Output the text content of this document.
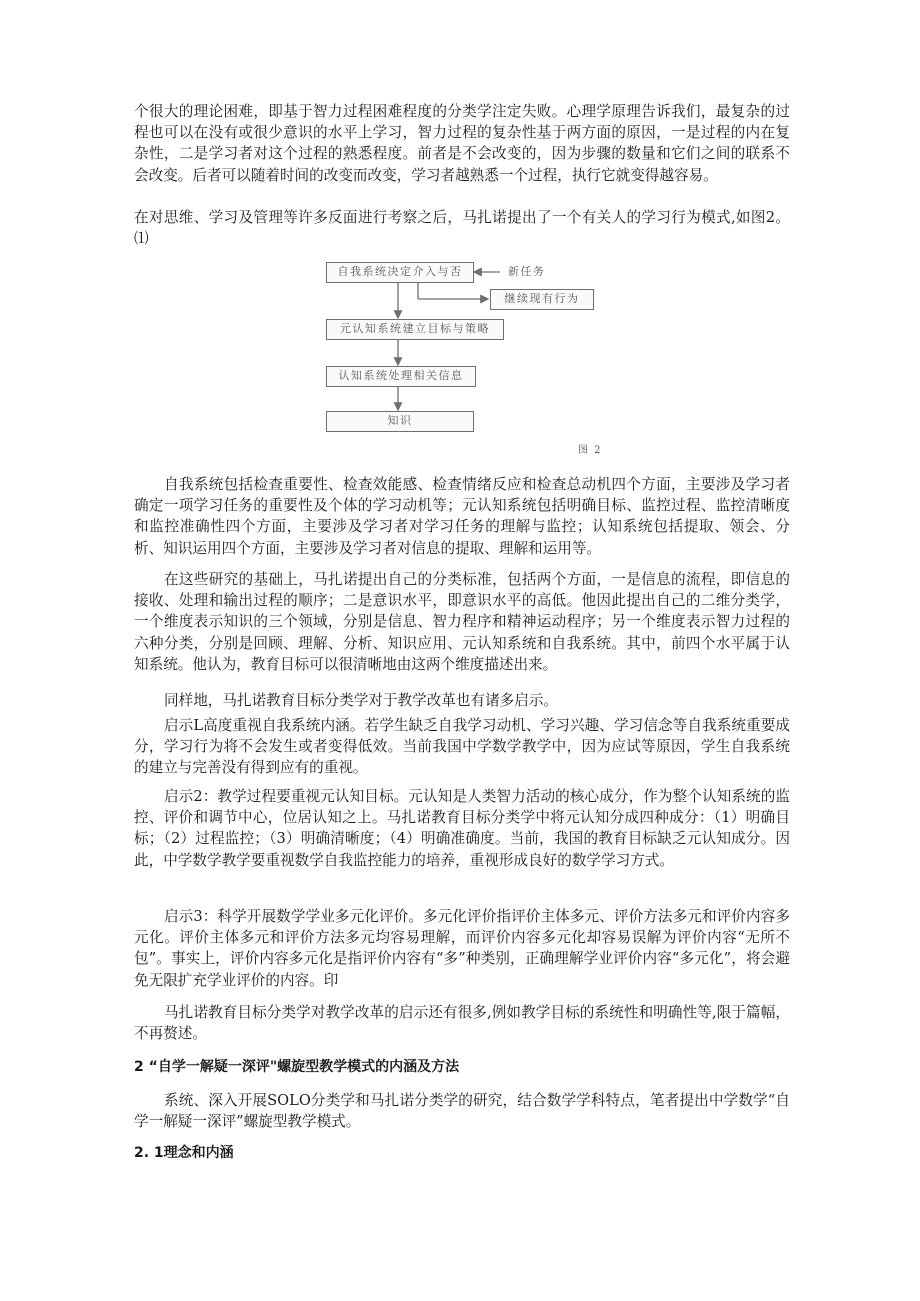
个很大的理论困难，即基于智力过程困难程度的分类学注定失败。心理学原理告诉我们，最复杂的过程也可以在没有或很少意识的水平上学习，智力过程的复杂性基于两方面的原因，一是过程的内在复杂性，二是学习者对这个过程的熟悉程度。前者是不会改变的，因为步骤的数量和它们之间的联系不会改变。后者可以随着时间的改变而改变，学习者越熟悉一个过程，执行它就变得越容易。

在对思维、学习及管理等许多反面进行考察之后，马扎诺提出了一个有关人的学习行为模式,如图2。⑴

自我系统决定介入与否	新任务
继续现有行为
元认知系统建立目标与策略
认知系统处理相关信息
知识
图 2

自我系统包括检查重要性、检查效能感、检查情绪反应和检查总动机四个方面，主要涉及学习者确定一项学习任务的重要性及个体的学习动机等；元认知系统包括明确目标、监控过程、监控清晰度和监控准确性四个方面，主要涉及学习者对学习任务的理解与监控；认知系统包括提取、领会、分析、知识运用四个方面，主要涉及学习者对信息的提取、理解和运用等。

在这些研究的基础上，马扎诺提出自己的分类标准，包括两个方面，一是信息的流程，即信息的接收、处理和输出过程的顺序；二是意识水平，即意识水平的高低。他因此提出自己的二维分类学，一个维度表示知识的三个领域，分别是信息、智力程序和精神运动程序；另一个维度表示智力过程的六种分类，分别是回顾、理解、分析、知识应用、元认知系统和自我系统。其中，前四个水平属于认知系统。他认为，教育目标可以很清晰地由这两个维度描述出来。

同样地，马扎诺教育目标分类学对于教学改革也有诸多启示。

启示L高度重视自我系统内涵。若学生缺乏自我学习动机、学习兴趣、学习信念等自我系统重要成分，学习行为将不会发生或者变得低效。当前我国中学数学教学中，因为应试等原因，学生自我系统的建立与完善没有得到应有的重视。

启示2：教学过程要重视元认知目标。元认知是人类智力活动的核心成分，作为整个认知系统的监控、评价和调节中心，位居认知之上。马扎诺教育目标分类学中将元认知分成四种成分：（1）明确目标；（2）过程监控；（3）明确清晰度；（4）明确准确度。当前，我国的教育目标缺乏元认知成分。因此，中学数学教学要重视数学自我监控能力的培养，重视形成良好的数学学习方式。

启示3：科学开展数学学业多元化评价。多元化评价指评价主体多元、评价方法多元和评价内容多元化。评价主体多元和评价方法多元均容易理解，而评价内容多元化却容易误解为评价内容“无所不包”。事实上，评价内容多元化是指评价内容有“多”种类别，正确理解学业评价内容“多元化”，将会避免无限扩充学业评价的内容。印

马扎诺教育目标分类学对教学改革的启示还有很多,例如教学目标的系统性和明确性等,限于篇幅，不再赘述。

2 “自学一解疑一深评"螺旋型教学模式的内涵及方法

系统、深入开展SOLO分类学和马扎诺分类学的研究，结合数学学科特点，笔者提出中学数学“自学一解疑一深评”螺旋型教学模式。

2. 1理念和内涵
